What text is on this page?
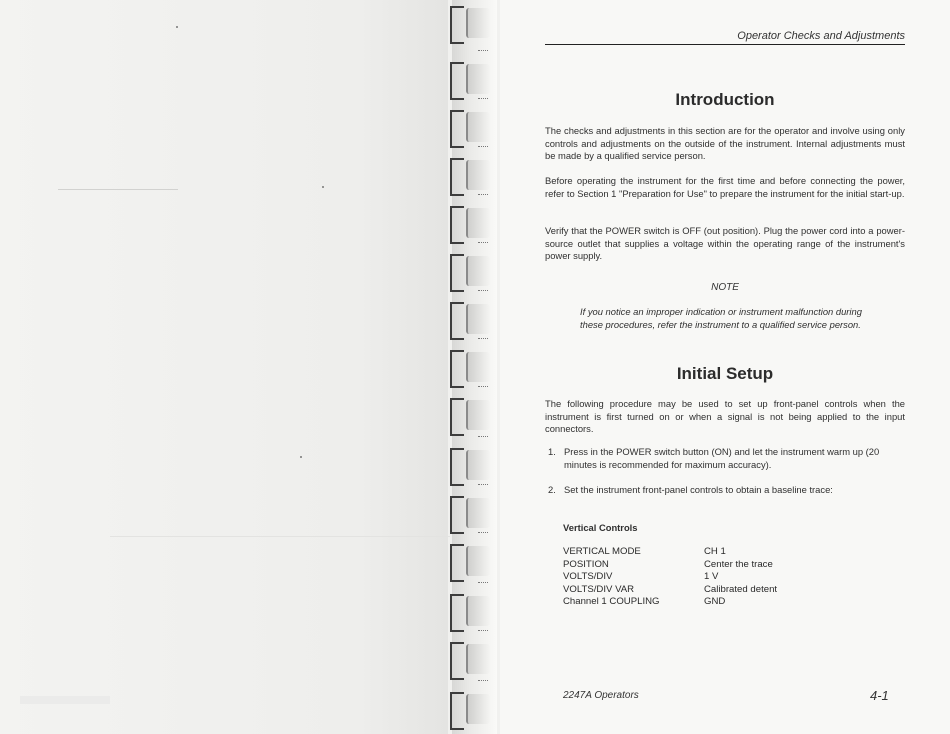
Operator Checks and Adjustments
Introduction

The checks and adjustments in this section are for the operator and involve using only controls and adjustments on the outside of the instrument. Internal adjustments must be made by a qualified service person.

Before operating the instrument for the first time and before connecting the power, refer to Section 1 "Preparation for Use" to prepare the instrument for the initial start-up.

Verify that the POWER switch is OFF (out position). Plug the power cord into a power-source outlet that supplies a voltage within the operating range of the instrument's power supply.

NOTE

If you notice an improper indication or instrument malfunction during these procedures, refer the instrument to a qualified service person.

Initial Setup

The following procedure may be used to set up front-panel controls when the instrument is first turned on or when a signal is not being applied to the input connectors.

1. Press in the POWER switch button (ON) and let the instrument warm up (20 minutes is recommended for maximum accuracy).
2. Set the instrument front-panel controls to obtain a baseline trace:
Vertical Controls
VERTICAL MODE	CH 1
POSITION	Center the trace
VOLTS/DIV	1 V
VOLTS/DIV VAR	Calibrated detent
Channel 1 COUPLING	GND
2247A Operators	4-1
